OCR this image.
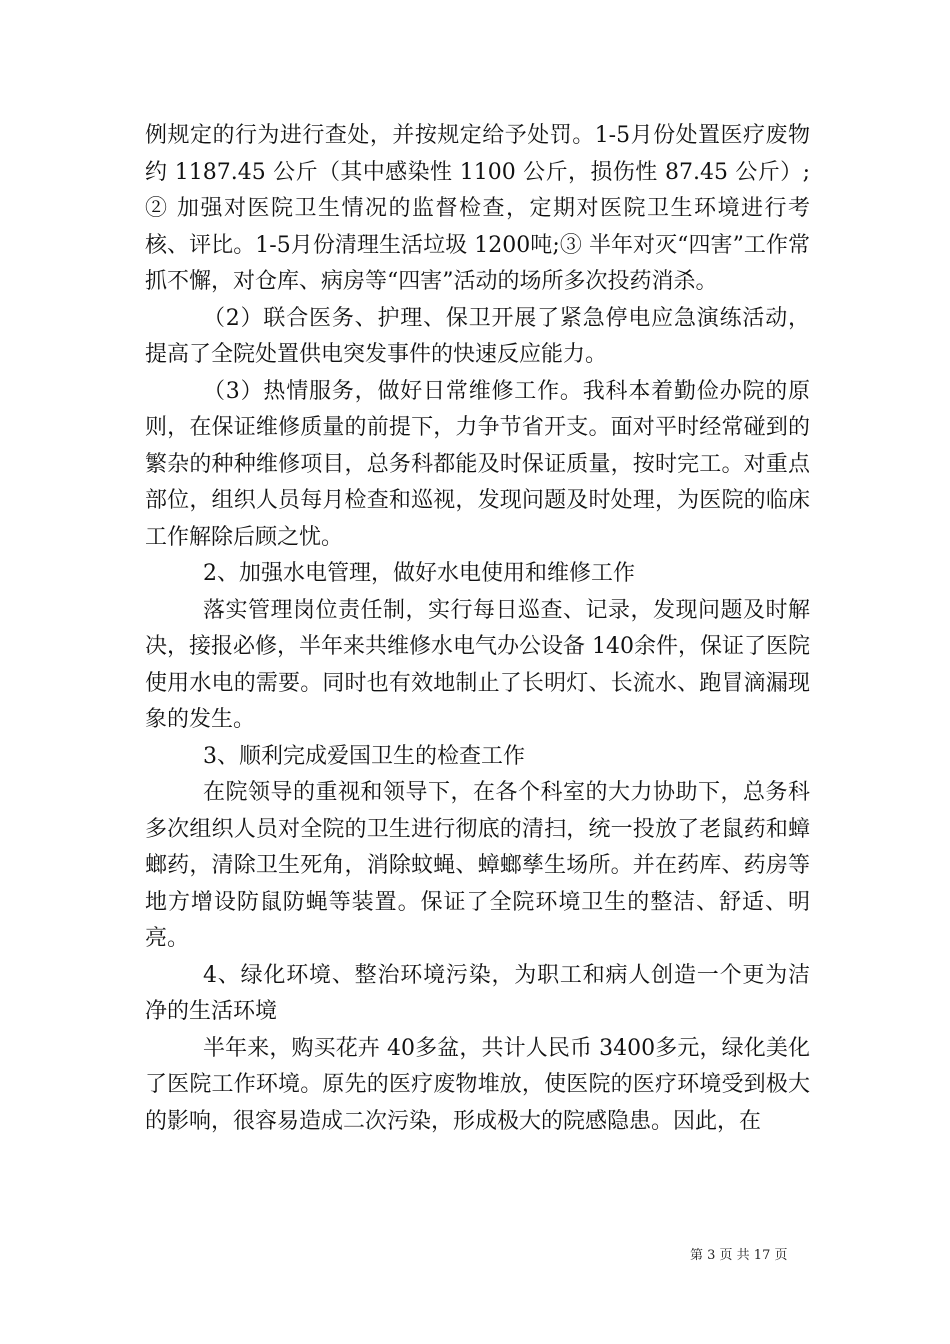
例规定的行为进行查处，并按规定给予处罚。1-5月份处置医疗废物约 1187.45 公斤（其中感染性 1100 公斤，损伤性 87.45 公斤）;② 加强对医院卫生情况的监督检查，定期对医院卫生环境进行考核、评比。1-5月份清理生活垃圾 1200吨;③ 半年对灭“四害”工作常抓不懈，对仓库、病房等“四害”活动的场所多次投药消杀。

（2）联合医务、护理、保卫开展了紧急停电应急演练活动，提高了全院处置供电突发事件的快速反应能力。

（3）热情服务，做好日常维修工作。我科本着勤俭办院的原则，在保证维修质量的前提下，力争节省开支。面对平时经常碰到的繁杂的种种维修项目，总务科都能及时保证质量，按时完工。对重点部位，组织人员每月检查和巡视，发现问题及时处理，为医院的临床工作解除后顾之忧。

2、加强水电管理，做好水电使用和维修工作

落实管理岗位责任制，实行每日巡查、记录，发现问题及时解决，接报必修，半年来共维修水电气办公设备 140余件，保证了医院使用水电的需要。同时也有效地制止了长明灯、长流水、跑冒滴漏现象的发生。

3、顺利完成爱国卫生的检查工作

在院领导的重视和领导下，在各个科室的大力协助下，总务科多次组织人员对全院的卫生进行彻底的清扫，统一投放了老鼠药和蟑螂药，清除卫生死角，消除蚊蝇、蟑螂孳生场所。并在药库、药房等地方增设防鼠防蝇等装置。保证了全院环境卫生的整洁、舒适、明亮。

4、绿化环境、整治环境污染，为职工和病人创造一个更为洁净的生活环境

半年来，购买花卉 40多盆，共计人民币 3400多元，绿化美化了医院工作环境。原先的医疗废物堆放，使医院的医疗环境受到极大的影响，很容易造成二次污染，形成极大的院感隐患。因此，在

第 3 页 共 17 页
